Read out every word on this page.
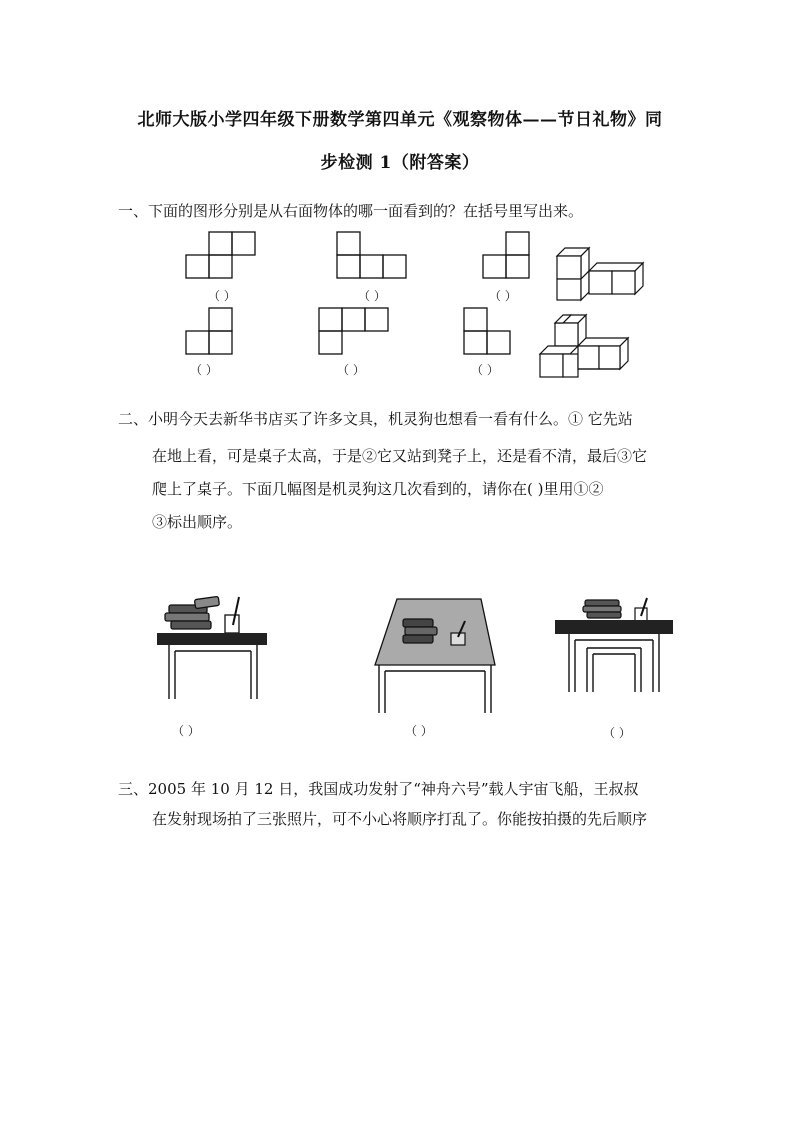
北师大版小学四年级下册数学第四单元《观察物体——节日礼物》同
步检测 1（附答案）
一、下面的图形分别是从右面物体的哪一面看到的？在括号里写出来。
（ ）	（ ）	（ ）
（ ）	（ ）	（ ）
二、小明今天去新华书店买了许多文具，机灵狗也想看一看有什么。① 它先站
在地上看，可是桌子太高，于是②它又站到凳子上，还是看不清，最后③它
爬上了桌子。下面几幅图是机灵狗这几次看到的，请你在( )里用①②
③标出顺序。
（ ）	（ ）	（ ）
三、2005 年 10 月 12 日，我国成功发射了“神舟六号”载人宇宙飞船，王叔叔
在发射现场拍了三张照片，可不小心将顺序打乱了。你能按拍摄的先后顺序
